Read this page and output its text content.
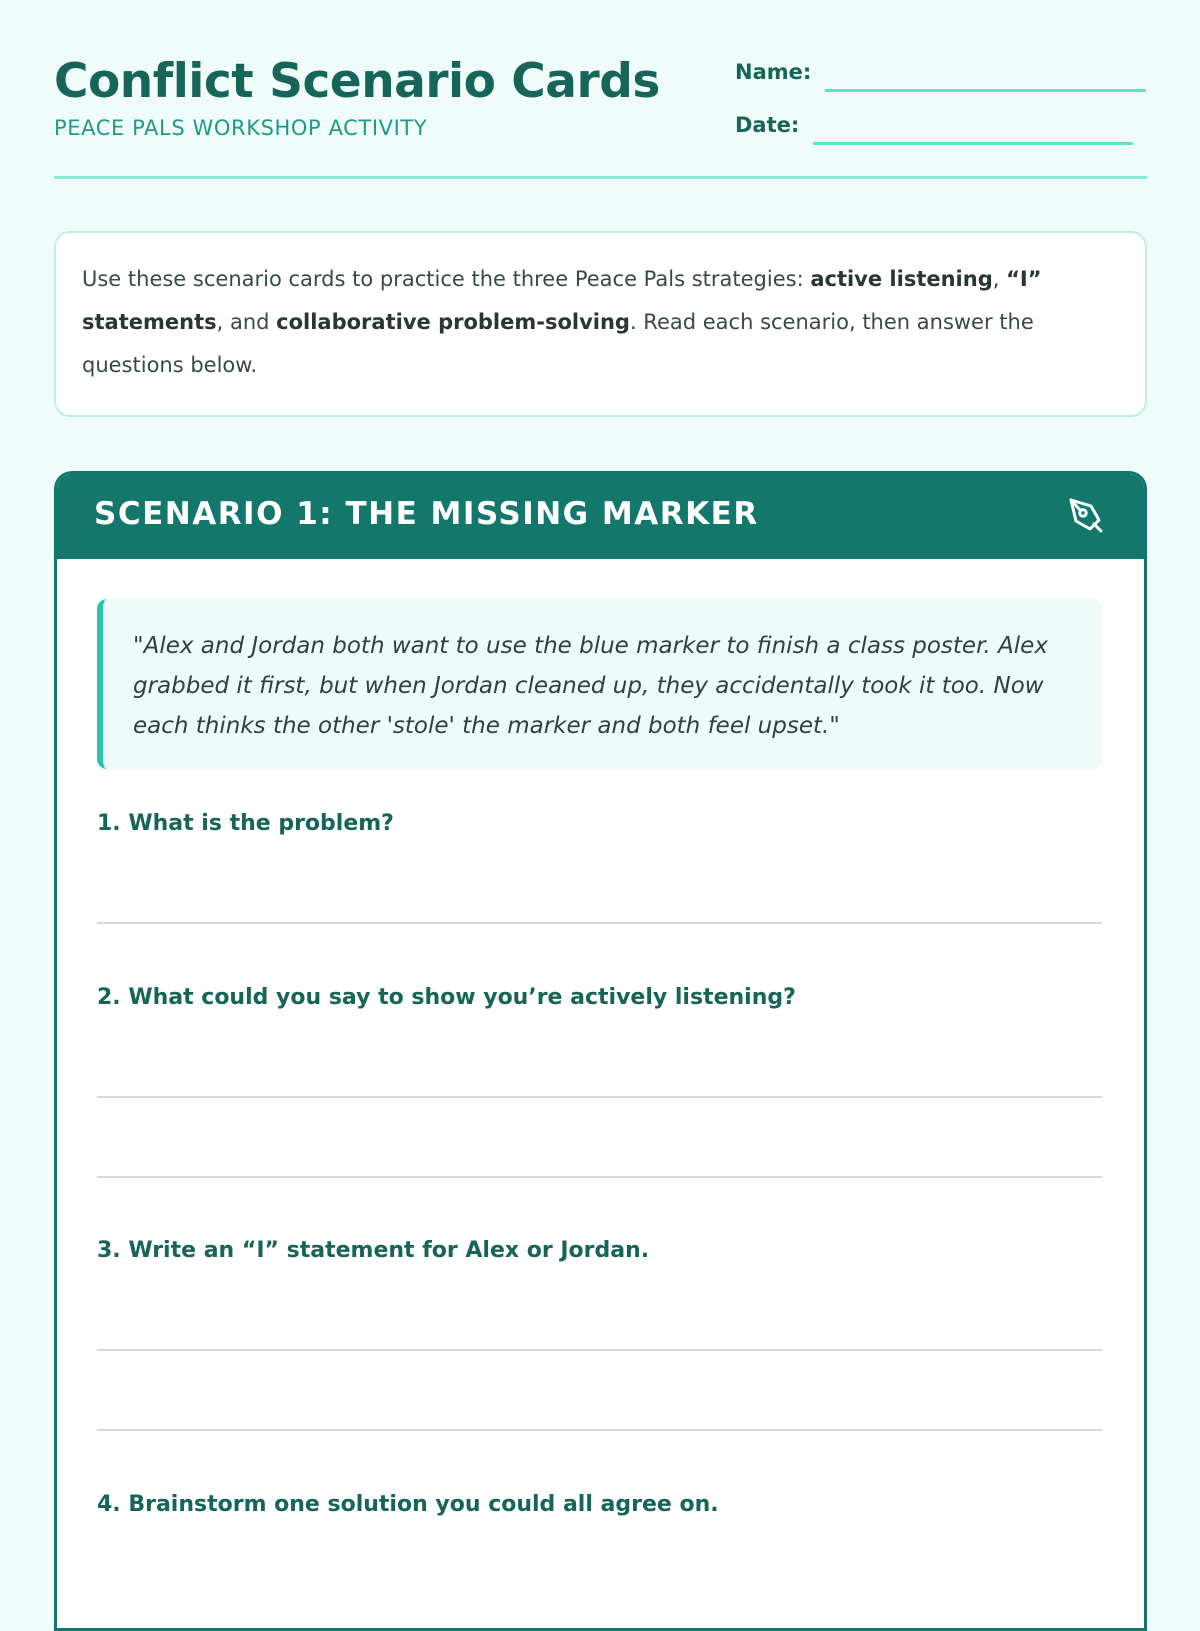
Conflict Scenario Cards
PEACE PALS WORKSHOP ACTIVITY
Name:
Date:
Use these scenario cards to practice the three Peace Pals strategies: active listening, “I” statements, and collaborative problem-solving. Read each scenario, then answer the questions below.
SCENARIO 1: THE MISSING MARKER
"Alex and Jordan both want to use the blue marker to finish a class poster. Alex grabbed it first, but when Jordan cleaned up, they accidentally took it too. Now each thinks the other 'stole' the marker and both feel upset."

1. What is the problem?

2. What could you say to show you’re actively listening?

3. Write an “I” statement for Alex or Jordan.

4. Brainstorm one solution you could all agree on.
